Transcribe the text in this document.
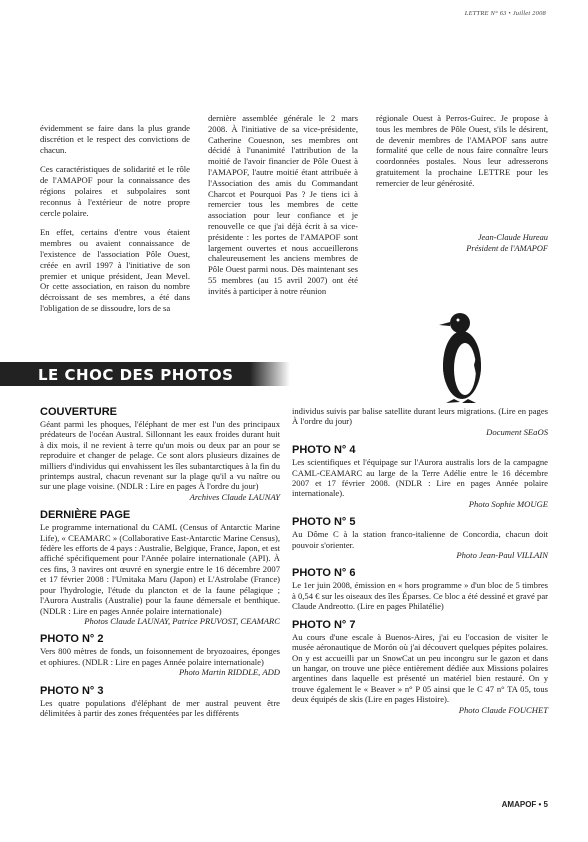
LETTRE N° 63 • Juillet 2008

évidemment se faire dans la plus grande discrétion et le respect des convictions de chacun.

Ces caractéristiques de solidarité et le rôle de l'AMAPOF pour la connaissance des régions polaires et subpolaires sont reconnus à l'extérieur de notre propre cercle polaire.

En effet, certains d'entre vous étaient membres ou avaient connaissance de l'existence de l'association Pôle Ouest, créée en avril 1997 à l'initiative de son premier et unique président, Jean Mevel. Or cette association, en raison du nombre décroissant de ses membres, a été dans l'obligation de se dissoudre, lors de sa

dernière assemblée générale le 2 mars 2008. À l'initiative de sa vice-présidente, Catherine Couesnon, ses membres ont décidé à l'unanimité l'attribution de la moitié de l'avoir financier de Pôle Ouest à l'AMAPOF, l'autre moitié étant attribuée à l'Association des amis du Commandant Charcot et Pourquoi Pas ? Je tiens ici à remercier tous les membres de cette association pour leur confiance et je renouvelle ce que j'ai déjà écrit à sa vice-présidente : les portes de l'AMAPOF sont largement ouvertes et nous accueillerons chaleureusement les anciens membres de Pôle Ouest parmi nous. Dès maintenant ses 55 membres (au 15 avril 2007) ont été invités à participer à notre réunion

régionale Ouest à Perros-Guirec. Je propose à tous les membres de Pôle Ouest, s'ils le désirent, de devenir membres de l'AMAPOF sans autre formalité que celle de nous faire connaître leurs coordonnées postales. Nous leur adresserons gratuitement la prochaine LETTRE pour les remercier de leur générosité.

Jean-Claude Hureau
Président de l'AMAPOF
LE CHOC DES PHOTOS
COUVERTURE
Géant parmi les phoques, l'éléphant de mer est l'un des principaux prédateurs de l'océan Austral. Sillonnant les eaux froides durant huit à dix mois, il ne revient à terre qu'un mois ou deux par an pour se reproduire et changer de pelage. Ce sont alors plusieurs dizaines de milliers d'individus qui envahissent les îles subantarctiques à la fin du printemps austral, chacun revenant sur la plage qu'il a vu naître ou sur une plage voisine. (NDLR : Lire en pages À l'ordre du jour)
Archives Claude LAUNAY
DERNIÈRE PAGE
Le programme international du CAML (Census of Antarctic Marine Life), « CEAMARC » (Collaborative East-Antarctic Marine Census), fédère les efforts de 4 pays : Australie, Belgique, France, Japon, et est affiché spécifiquement pour l'Année polaire internationale (API). À ces fins, 3 navires ont œuvré en synergie entre le 16 décembre 2007 et 17 février 2008 : l'Umitaka Maru (Japon) et L'Astrolabe (France) pour l'hydrologie, l'étude du plancton et de la faune pélagique ; l'Aurora Australis (Australie) pour la faune démersale et benthique. (NDLR : Lire en pages Année polaire internationale)
Photos Claude LAUNAY, Patrice PRUVOST, CEAMARC
PHOTO N° 2
Vers 800 mètres de fonds, un foisonnement de bryozoaires, éponges et ophiures. (NDLR : Lire en pages Année polaire internationale)
Photo Martin RIDDLE, ADD
PHOTO N° 3
Les quatre populations d'éléphant de mer austral peuvent être délimitées à partir des zones fréquentées par les différents
individus suivis par balise satellite durant leurs migrations. (Lire en pages À l'ordre du jour)
Document SEaOS
PHOTO N° 4
Les scientifiques et l'équipage sur l'Aurora australis lors de la campagne CAML-CEAMARC au large de la Terre Adélie entre le 16 décembre 2007 et 17 février 2008. (NDLR : Lire en pages Année polaire internationale).
Photo Sophie MOUGE
PHOTO N° 5
Au Dôme C à la station franco-italienne de Concordia, chacun doit pouvoir s'orienter.
Photo Jean-Paul VILLAIN
PHOTO N° 6
Le 1er juin 2008, émission en « hors programme » d'un bloc de 5 timbres à 0,54 € sur les oiseaux des îles Éparses. Ce bloc a été dessiné et gravé par Claude Andreotto. (Lire en pages Philatélie)
PHOTO N° 7
Au cours d'une escale à Buenos-Aires, j'ai eu l'occasion de visiter le musée aéronautique de Morón où j'ai découvert quelques pépites polaires. On y est accueilli par un SnowCat un peu incongru sur le gazon et dans un hangar, on trouve une pièce entièrement dédiée aux Missions polaires argentines dans laquelle est présenté un matériel bien restauré. On y trouve également le « Beaver » n° P 05 ainsi que le C 47 n° TA 05, tous deux équipés de skis (Lire en pages Histoire).
Photo Claude FOUCHET
AMAPOF • 5
